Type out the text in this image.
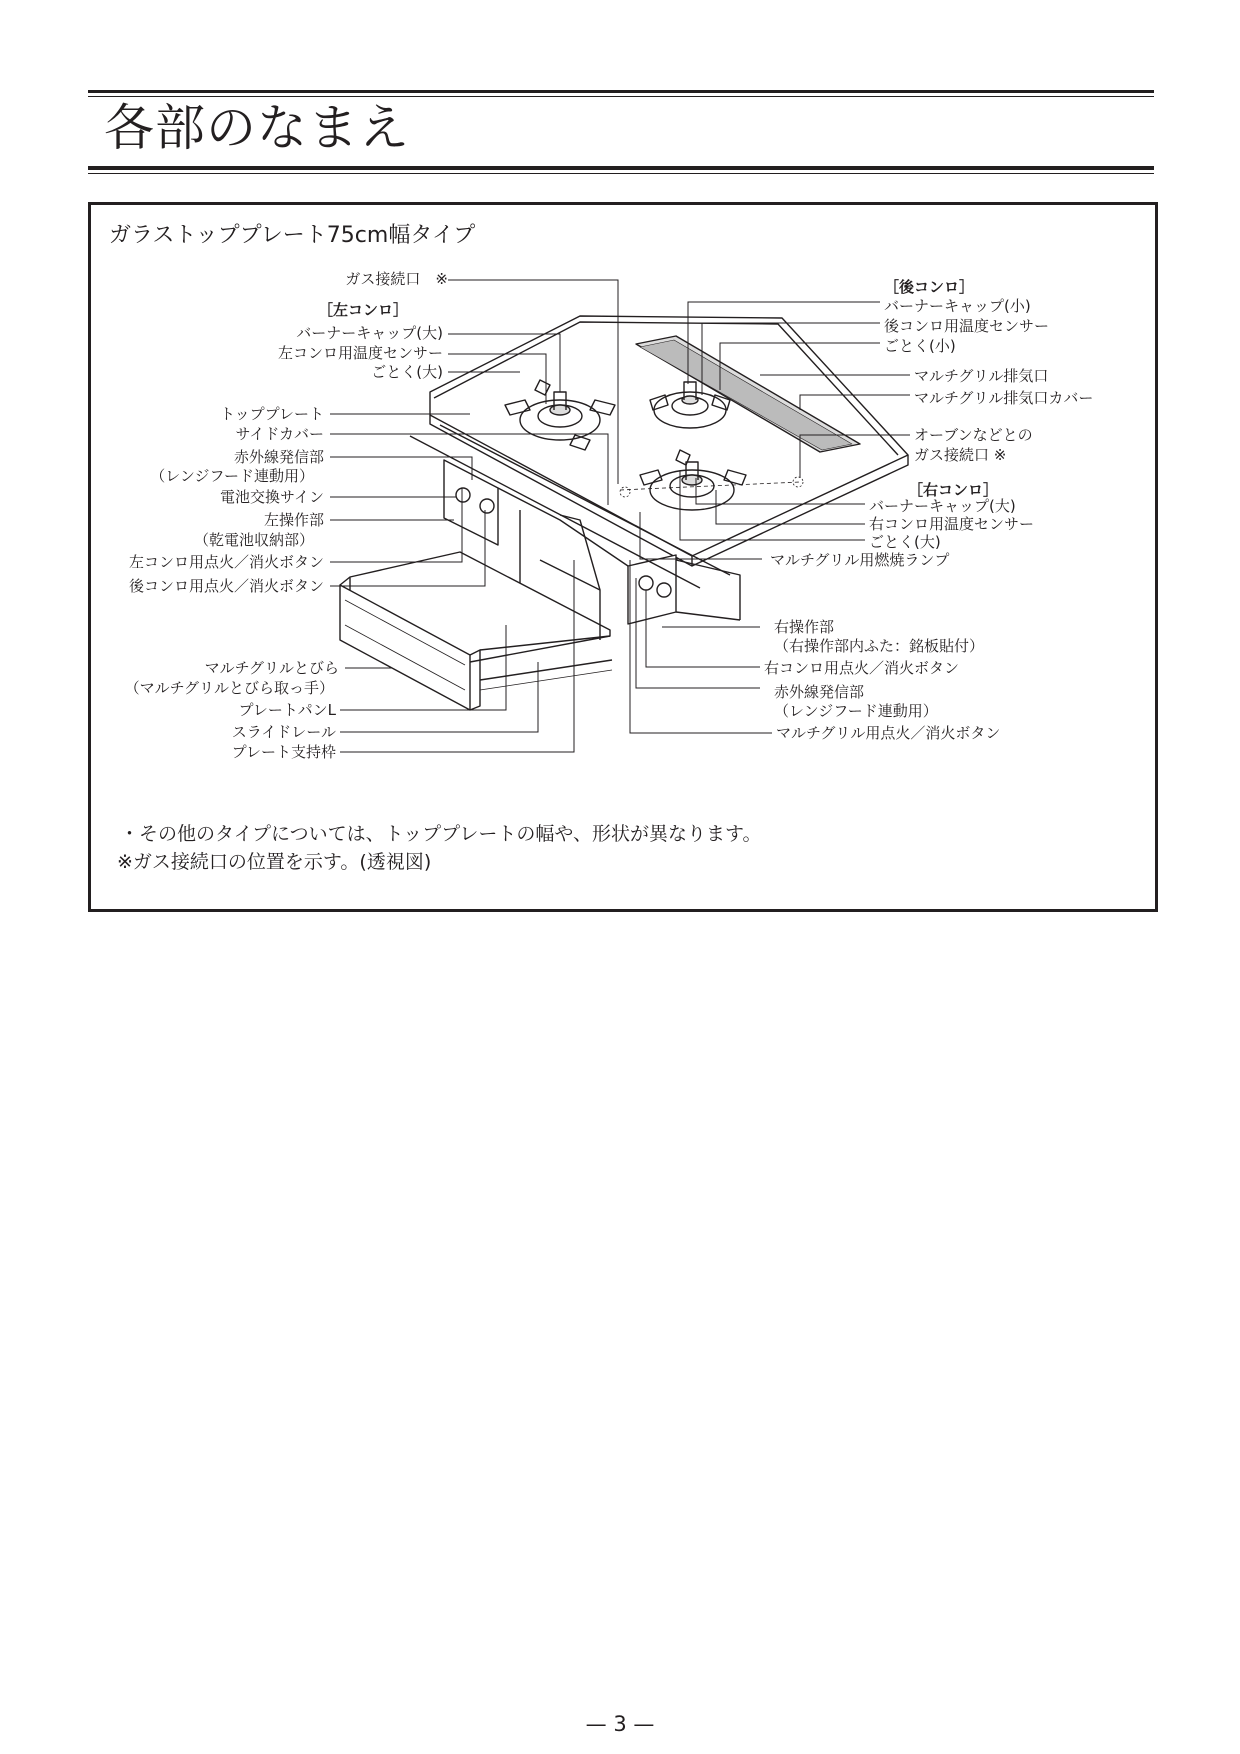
各部のなまえ
ガラストッププレート75cm幅タイプ
ガス接続口　※
［左コンロ］
バーナーキャップ(大)
左コンロ用温度センサー
ごとく(大)
トッププレート
サイドカバー
赤外線発信部
（レンジフード連動用）
電池交換サイン
左操作部
（乾電池収納部）
左コンロ用点火／消火ボタン
後コンロ用点火／消火ボタン
マルチグリルとびら
（マルチグリルとびら取っ手）
プレートパンL
スライドレール
プレート支持枠
［後コンロ］
バーナーキャップ(小)
後コンロ用温度センサー
ごとく(小)
マルチグリル排気口
マルチグリル排気口カバー
オーブンなどとの
ガス接続口 ※
［右コンロ］
バーナーキャップ(大)
右コンロ用温度センサー
ごとく(大)
マルチグリル用燃焼ランプ
右操作部
（右操作部内ふた：銘板貼付）
右コンロ用点火／消火ボタン
赤外線発信部
（レンジフード連動用）
マルチグリル用点火／消火ボタン
・その他のタイプについては、トッププレートの幅や、形状が異なります。
※ガス接続口の位置を示す。(透視図)
— 3 —
